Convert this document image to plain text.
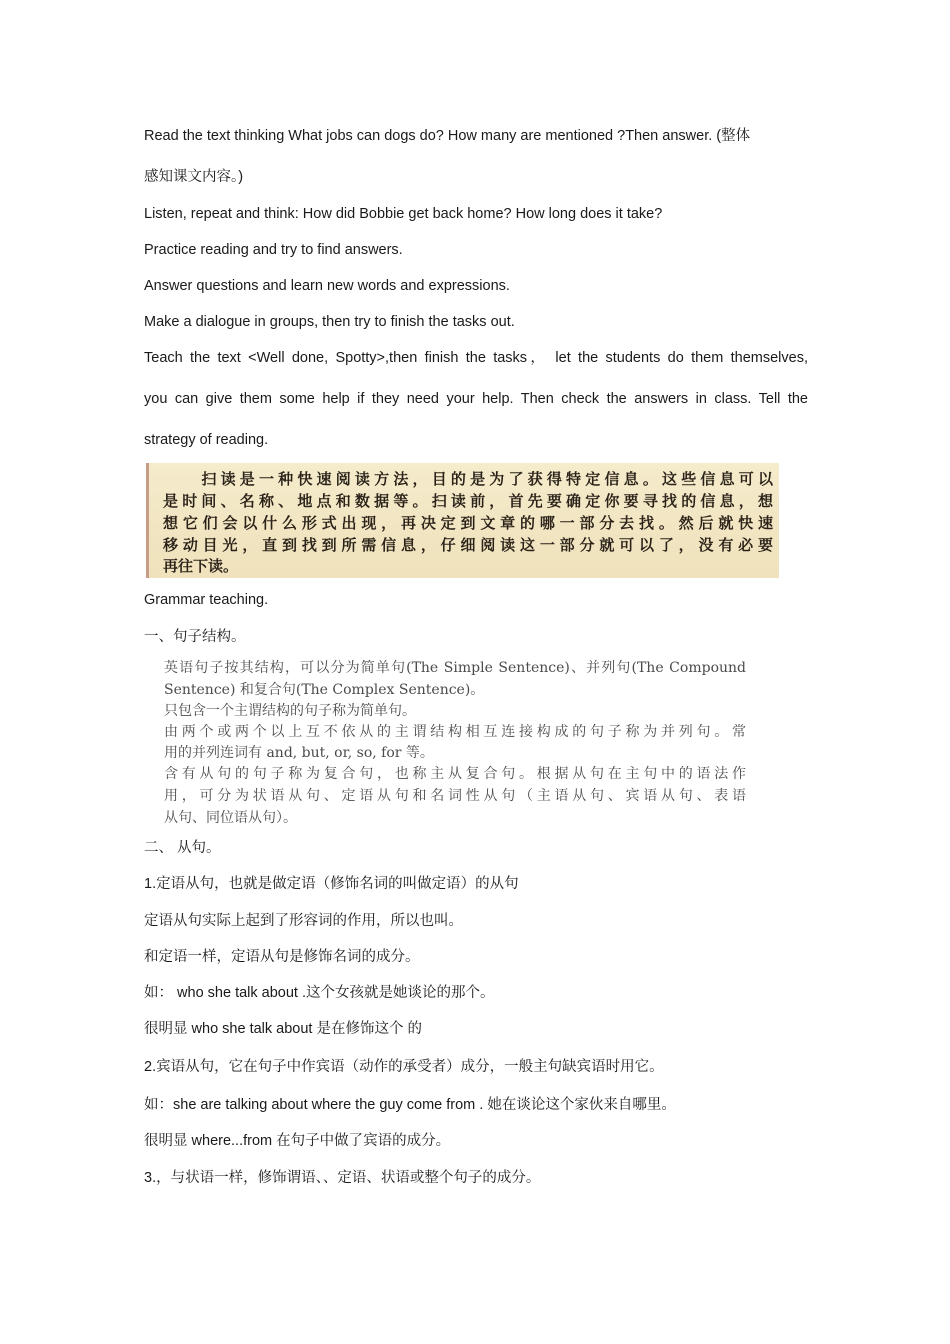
Read the text thinking What jobs can dogs do? How many are mentioned ?Then answer. (整体
感知课文内容。)
Listen, repeat and think: How did Bobbie get back home? How long does it take?
Practice reading and try to find answers.
Answer questions and learn new words and expressions.
Make a dialogue in groups, then try to finish the tasks out.
Teach the text <Well done, Spotty>,then finish the tasks， let the students do them themselves,
you can give them some help if they need your help. Then check the answers in class. Tell the
strategy of reading.
　　扫读是一种快速阅读方法，目的是为了获得特定信息。这些信息可以
是时间、名称、地点和数据等。扫读前，首先要确定你要寻找的信息，想
想它们会以什么形式出现，再决定到文章的哪一部分去找。然后就快速
移动目光，直到找到所需信息，仔细阅读这一部分就可以了，没有必要
再往下读。
Grammar teaching.
一、句子结构。
英语句子按其结构，可以分为简单句(The Simple Sentence)、并列句(The Compound
Sentence) 和复合句(The Complex Sentence)。
只包含一个主谓结构的句子称为简单句。
由两个或两个以上互不依从的主谓结构相互连接构成的句子称为并列句。常
用的并列连词有 and, but, or, so, for 等。
含有从句的句子称为复合句，也称主从复合句。根据从句在主句中的语法作
用，可分为状语从句、定语从句和名词性从句（主语从句、宾语从句、表语
从句、同位语从句）。
二、 从句。
1.定语从句，也就是做定语（修饰名词的叫做定语）的从句
定语从句实际上起到了形容词的作用，所以也叫。
和定语一样，定语从句是修饰名词的成分。
如： who she talk about .这个女孩就是她谈论的那个。
很明显 who she talk about 是在修饰这个 的
2.宾语从句，它在句子中作宾语（动作的承受者）成分，一般主句缺宾语时用它。
如：she are talking about where the guy come from . 她在谈论这个家伙来自哪里。
很明显 where...from 在句子中做了宾语的成分。
3.，与状语一样，修饰谓语、、定语、状语或整个句子的成分。
